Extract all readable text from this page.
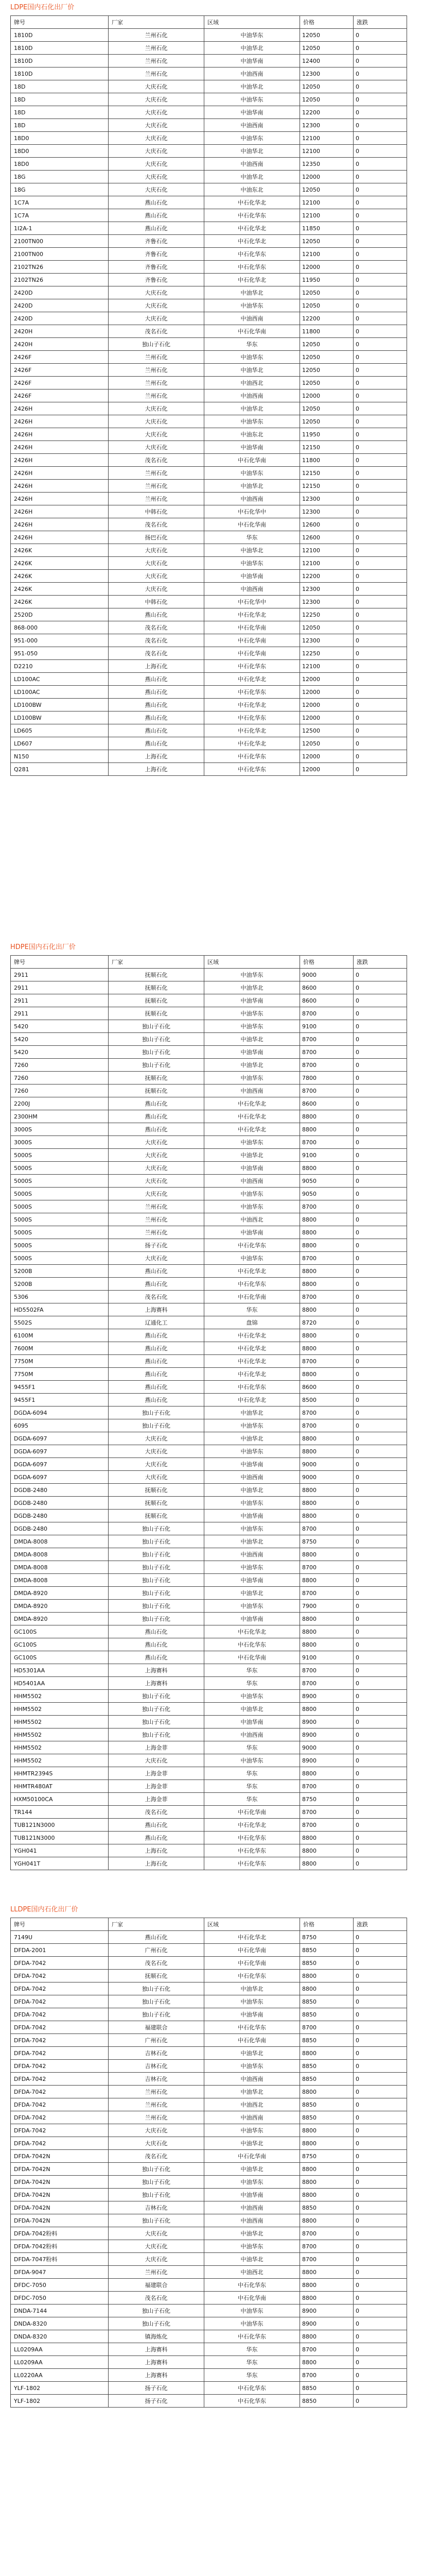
LDPE国内石化出厂价
牌号	厂家	区域	价格	涨跌
1810D	兰州石化	中油华东	12050	0
1810D	兰州石化	中油华北	12050	0
1810D	兰州石化	中油华南	12400	0
1810D	兰州石化	中油西南	12300	0
18D	大庆石化	中油华北	12050	0
18D	大庆石化	中油华东	12050	0
18D	大庆石化	中油华南	12200	0
18D	大庆石化	中油西南	12300	0
18D0	大庆石化	中油华东	12100	0
18D0	大庆石化	中油华北	12100	0
18D0	大庆石化	中油西南	12350	0
18G	大庆石化	中油华北	12000	0
18G	大庆石化	中油东北	12050	0
1C7A	燕山石化	中石化华北	12100	0
1C7A	燕山石化	中石化华东	12100	0
1I2A-1	燕山石化	中石化华北	11850	0
2100TN00	齐鲁石化	中石化华北	12050	0
2100TN00	齐鲁石化	中石化华东	12100	0
2102TN26	齐鲁石化	中石化华东	12000	0
2102TN26	齐鲁石化	中石化华北	11950	0
2420D	大庆石化	中油华北	12050	0
2420D	大庆石化	中油华东	12050	0
2420D	大庆石化	中油西南	12200	0
2420H	茂名石化	中石化华南	11800	0
2420H	独山子石化	华东	12050	0
2426F	兰州石化	中油华东	12050	0
2426F	兰州石化	中油华北	12050	0
2426F	兰州石化	中油西北	12050	0
2426F	兰州石化	中油西南	12000	0
2426H	大庆石化	中油华北	12050	0
2426H	大庆石化	中油华东	12050	0
2426H	大庆石化	中油东北	11950	0
2426H	大庆石化	中油华南	12150	0
2426H	茂名石化	中石化华南	11800	0
2426H	兰州石化	中油华东	12150	0
2426H	兰州石化	中油华北	12150	0
2426H	兰州石化	中油西南	12300	0
2426H	中韩石化	中石化华中	12300	0
2426H	茂名石化	中石化华南	12600	0
2426H	扬巴石化	华东	12600	0
2426K	大庆石化	中油华北	12100	0
2426K	大庆石化	中油华东	12100	0
2426K	大庆石化	中油华南	12200	0
2426K	大庆石化	中油西南	12300	0
2426K	中韩石化	中石化华中	12300	0
2520D	燕山石化	中石化华北	12250	0
868-000	茂名石化	中石化华南	12050	0
951-000	茂名石化	中石化华南	12300	0
951-050	茂名石化	中石化华南	12250	0
D2210	上海石化	中石化华东	12100	0
LD100AC	燕山石化	中石化华北	12000	0
LD100AC	燕山石化	中石化华东	12000	0
LD100BW	燕山石化	中石化华北	12000	0
LD100BW	燕山石化	中石化华东	12000	0
LD605	燕山石化	中石化华北	12500	0
LD607	燕山石化	中石化华北	12050	0
N150	上海石化	中石化华东	12000	0
Q281	上海石化	中石化华东	12000	0
HDPE国内石化出厂价
牌号	厂家	区域	价格	涨跌
2911	抚顺石化	中油华东	9000	0
2911	抚顺石化	中油华北	8600	0
2911	抚顺石化	中油华南	8600	0
2911	抚顺石化	中油华东	8700	0
5420	独山子石化	中油华东	9100	0
5420	独山子石化	中油华北	8700	0
5420	独山子石化	中油华南	8700	0
7260	独山子石化	中油华北	8700	0
7260	抚顺石化	中油华东	7800	0
7260	抚顺石化	中油西南	8700	0
2200J	燕山石化	中石化华北	8600	0
2300HM	燕山石化	中石化华北	8800	0
3000S	燕山石化	中石化华北	8800	0
3000S	大庆石化	中油华东	8700	0
5000S	大庆石化	中油华北	9100	0
5000S	大庆石化	中油华南	8800	0
5000S	大庆石化	中油西南	9050	0
5000S	大庆石化	中油华东	9050	0
5000S	兰州石化	中油华东	8700	0
5000S	兰州石化	中油西北	8800	0
5000S	兰州石化	中油华南	8800	0
5000S	扬子石化	中石化华东	8800	0
5000S	大庆石化	中油华东	8700	0
5200B	燕山石化	中石化华北	8800	0
5200B	燕山石化	中石化华东	8800	0
5306	茂名石化	中石化华南	8700	0
HD5502FA	上海赛科	华东	8800	0
5502S	辽通化工	盘锦	8720	0
6100M	燕山石化	中石化华北	8800	0
7600M	燕山石化	中石化华北	8800	0
7750M	燕山石化	中石化华北	8700	0
7750M	燕山石化	中石化华北	8800	0
9455F1	燕山石化	中石化华东	8600	0
9455F1	燕山石化	中石化华北	8500	0
DGDA-6094	独山子石化	中油华北	8700	0
6095	独山子石化	中油华东	8700	0
DGDA-6097	大庆石化	中油华北	8800	0
DGDA-6097	大庆石化	中油华东	8800	0
DGDA-6097	大庆石化	中油华南	9000	0
DGDA-6097	大庆石化	中油西南	9000	0
DGDB-2480	抚顺石化	中油华北	8800	0
DGDB-2480	抚顺石化	中油华东	8800	0
DGDB-2480	抚顺石化	中油华南	8800	0
DGDB-2480	独山子石化	中油华东	8700	0
DMDA-8008	独山子石化	中油华北	8750	0
DMDA-8008	独山子石化	中油西南	8800	0
DMDA-8008	独山子石化	中油华东	8700	0
DMDA-8008	独山子石化	中油华南	8800	0
DMDA-8920	独山子石化	中油华北	8700	0
DMDA-8920	独山子石化	中油华东	7900	0
DMDA-8920	独山子石化	中油华南	8800	0
GC100S	燕山石化	中石化华北	8800	0
GC100S	燕山石化	中石化华东	8800	0
GC100S	燕山石化	中石化华南	9100	0
HD5301AA	上海赛科	华东	8700	0
HD5401AA	上海赛科	华东	8700	0
HHM5502	独山子石化	中油华东	8900	0
HHM5502	独山子石化	中油华北	8800	0
HHM5502	独山子石化	中油华南	8900	0
HHM5502	独山子石化	中油西南	8900	0
HHM5502	上海金菲	华东	9000	0
HHM5502	大庆石化	中油华东	8900	0
HHMTR2394S	上海金菲	华东	8800	0
HHMTR480AT	上海金菲	华东	8700	0
HXM50100CA	上海金菲	华东	8750	0
TR144	茂名石化	中石化华南	8700	0
TUB121N3000	燕山石化	中石化华北	8700	0
TUB121N3000	燕山石化	中石化华东	8800	0
YGH041	上海石化	中石化华东	8800	0
YGH041T	上海石化	中石化华东	8800	0
LLDPE国内石化出厂价
牌号	厂家	区域	价格	涨跌
7149U	燕山石化	中石化华北	8750	0
DFDA-2001	广州石化	中石化华南	8850	0
DFDA-7042	茂名石化	中石化华南	8850	0
DFDA-7042	抚顺石化	中石化华东	8800	0
DFDA-7042	独山子石化	中油华北	8800	0
DFDA-7042	独山子石化	中油华东	8850	0
DFDA-7042	独山子石化	中油华南	8850	0
DFDA-7042	福建联合	中石化华东	8700	0
DFDA-7042	广州石化	中石化华南	8850	0
DFDA-7042	吉林石化	中油华北	8800	0
DFDA-7042	吉林石化	中油华东	8850	0
DFDA-7042	吉林石化	中油西南	8850	0
DFDA-7042	兰州石化	中油华北	8800	0
DFDA-7042	兰州石化	中油西北	8850	0
DFDA-7042	兰州石化	中油西南	8850	0
DFDA-7042	大庆石化	中油华东	8800	0
DFDA-7042	大庆石化	中油华北	8800	0
DFDA-7042N	茂名石化	中石化华南	8750	0
DFDA-7042N	独山子石化	中油华北	8800	0
DFDA-7042N	独山子石化	中油华东	8800	0
DFDA-7042N	独山子石化	中油华南	8800	0
DFDA-7042N	吉林石化	中油西南	8850	0
DFDA-7042N	独山子石化	中油西南	8800	0
DFDA-7042粉料	大庆石化	中油华北	8700	0
DFDA-7042粉料	大庆石化	中油华东	8700	0
DFDA-7047粉料	大庆石化	中油华北	8700	0
DFDA-9047	兰州石化	中油西北	8800	0
DFDC-7050	福建联合	中石化华东	8800	0
DFDC-7050	茂名石化	中石化华南	8800	0
DNDA-7144	独山子石化	中油华东	8900	0
DNDA-8320	独山子石化	中油华东	8900	0
DNDA-8320	镇海炼化	中石化华东	8800	0
LL0209AA	上海赛科	华东	8700	0
LL0209AA	上海赛科	华东	8800	0
LL0220AA	上海赛科	华东	8700	0
YLF-1802	扬子石化	中石化华东	8850	0
YLF-1802	扬子石化	中石化华东	8850	0
